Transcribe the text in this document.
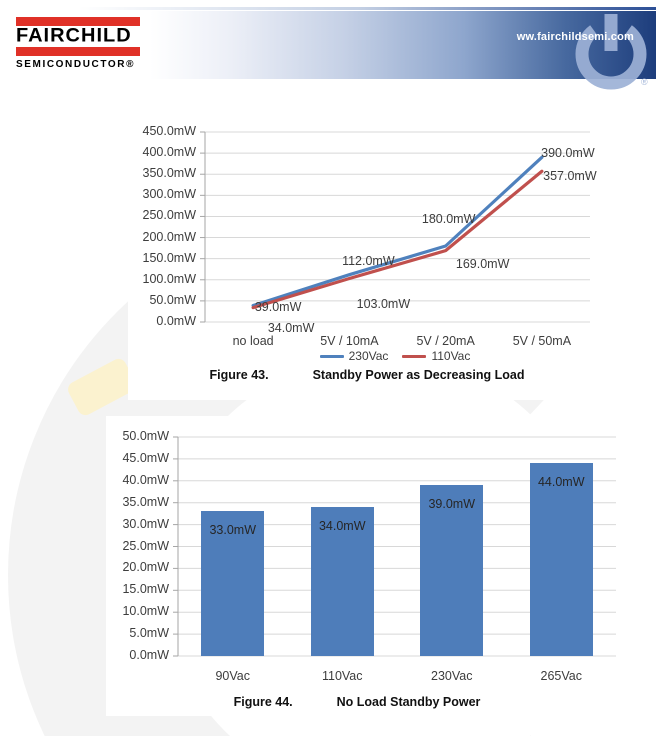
®
ww.fairchildsemi.com
FAIRCHILD
SEMICONDUCTOR®
450.0mW
400.0mW
350.0mW
300.0mW
250.0mW
200.0mW
150.0mW
100.0mW
50.0mW
0.0mW
39.0mW
112.0mW
180.0mW
390.0mW
34.0mW
103.0mW
169.0mW
357.0mW
no load	5V / 10mA	5V / 20mA	5V / 50mA
230Vac	110Vac
Figure 43.	Standby Power as Decreasing Load
50.0mW
45.0mW
40.0mW
35.0mW
30.0mW
25.0mW
20.0mW
15.0mW
10.0mW
5.0mW
0.0mW
33.0mW	34.0mW
39.0mW
44.0mW
90Vac	110Vac	230Vac	265Vac
Figure 44.	No Load Standby Power
